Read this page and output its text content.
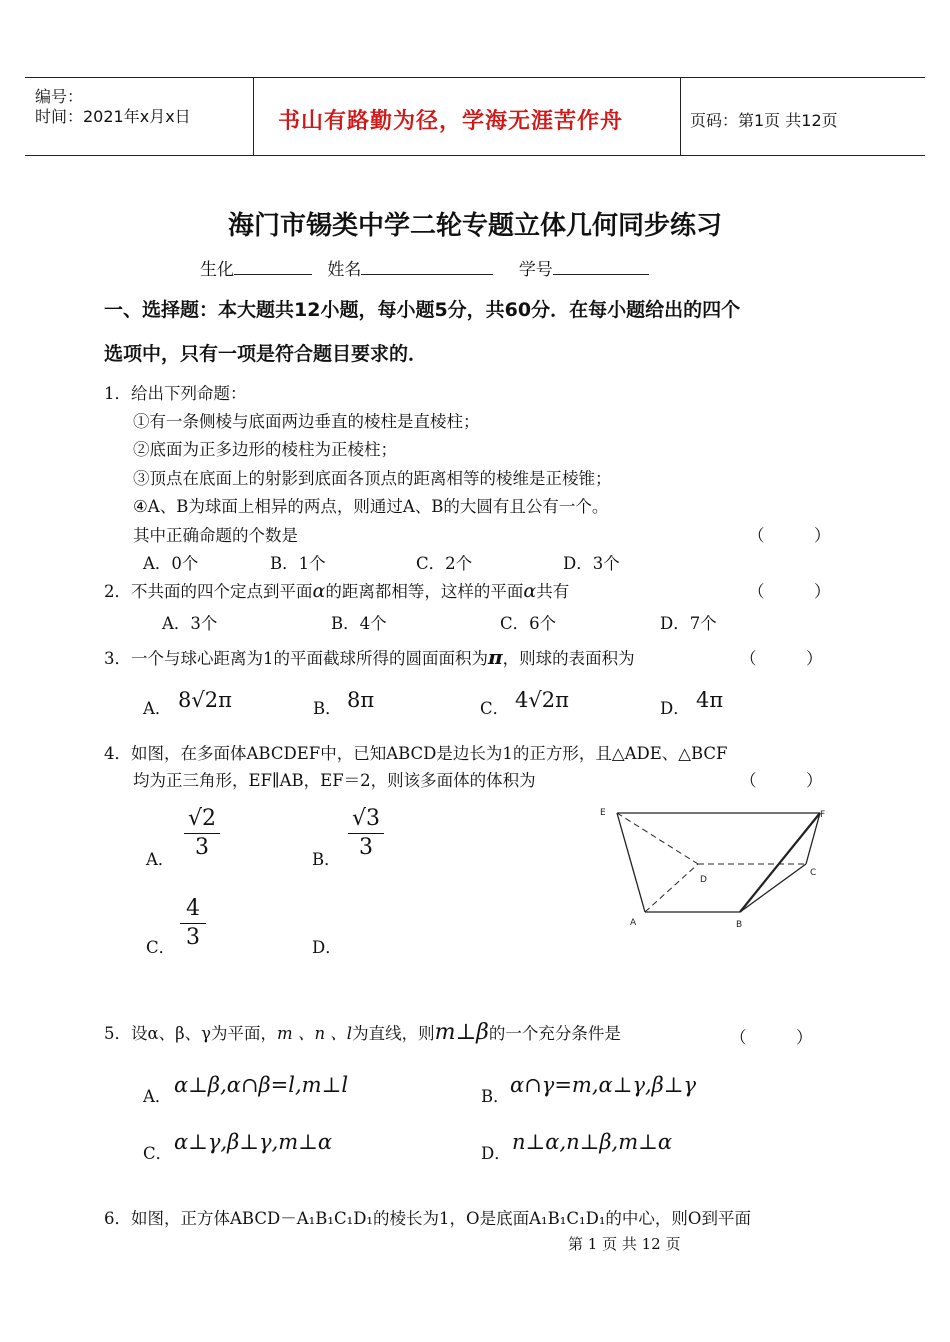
编号：
时间：2021年x月x日	书山有路勤为径，学海无涯苦作舟	页码：第1页 共12页
海门市锡类中学二轮专题立体几何同步练习
生化	姓名	学号
一、选择题：本大题共12小题，每小题5分，共60分．在每小题给出的四个
选项中，只有一项是符合题目要求的．
1．给出下列命题：
①有一条侧棱与底面两边垂直的棱柱是直棱柱；
②底面为正多边形的棱柱为正棱柱；
③顶点在底面上的射影到底面各顶点的距离相等的棱维是正棱锥；
④A、B为球面上相异的两点，则通过A、B的大圆有且公有一个。
其中正确命题的个数是	（　　　）
A．0个	B．1个	C．2个	D．3个
2．不共面的四个定点到平面α的距离都相等，这样的平面α共有	（　　　）
A．3个	B．4个	C．6个	D．7个
3．一个与球心距离为1的平面截球所得的圆面面积为π，则球的表面积为	（　　　）
A． 8√2π	B． 8π	C． 4√2π	D． 4π
4．如图，在多面体ABCDEF中，已知ABCD是边长为1的正方形，且△ADE、△BCF
均为正三角形，EF∥AB，EF＝2，则该多面体的体积为	（　　　）
A．
√2
3	B．
√3
3
C．
4
3	D．
E	F
D
C
A	B
5．设α、β、γ为平面，m 、n 、l为直线，则m⊥β的一个充分条件是	（　　　）
A． α⊥β,α∩β=l,m⊥l	B． α∩γ=m,α⊥γ,β⊥γ
C． α⊥γ,β⊥γ,m⊥α	D． n⊥α,n⊥β,m⊥α
6．如图，正方体ABCD－A₁B₁C₁D₁的棱长为1，O是底面A₁B₁C₁D₁的中心，则O到平面
第 1 页 共 12 页
